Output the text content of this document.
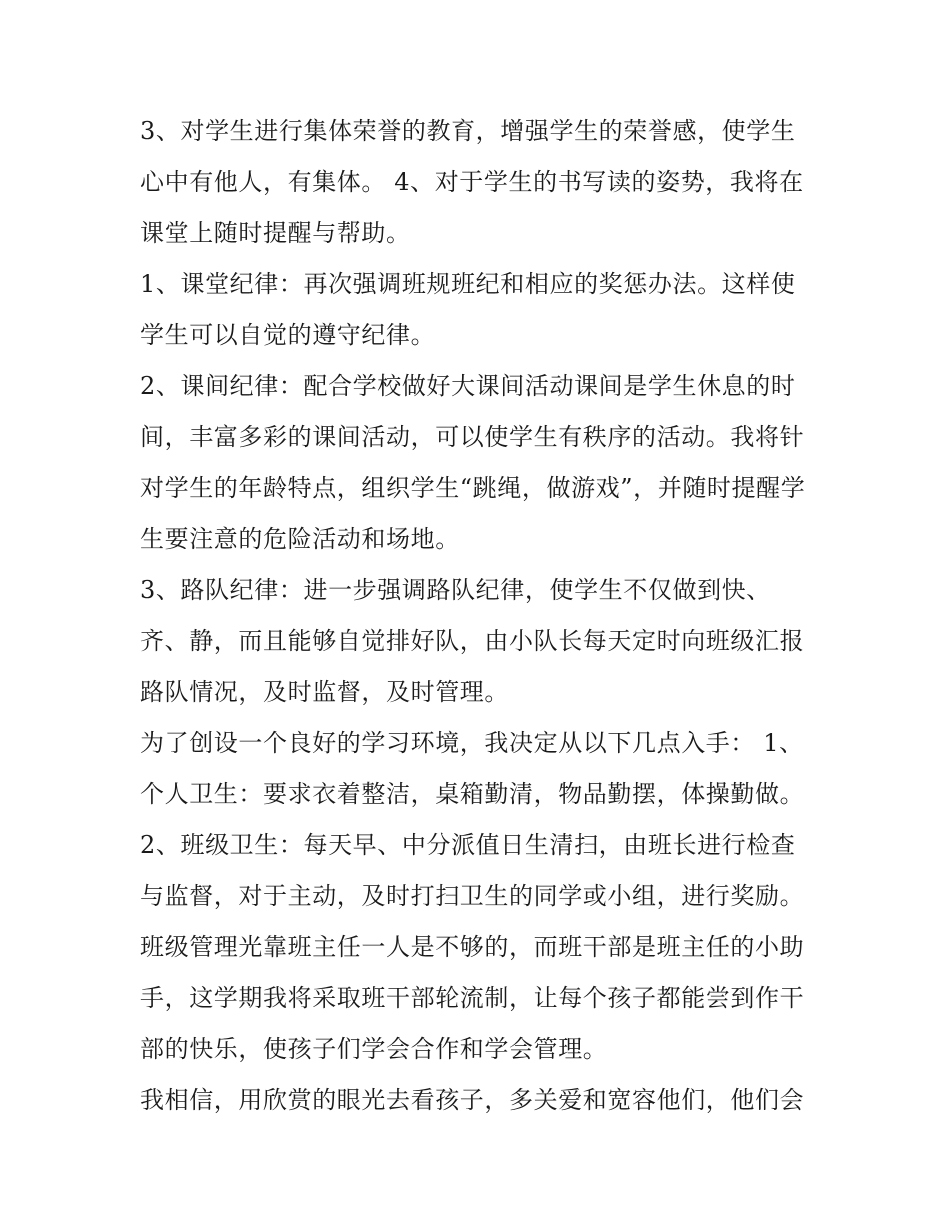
3、对学生进行集体荣誉的教育，增强学生的荣誉感，使学生
心中有他人，有集体。 4、对于学生的书写读的姿势，我将在
课堂上随时提醒与帮助。
1、课堂纪律：再次强调班规班纪和相应的奖惩办法。这样使
学生可以自觉的遵守纪律。
2、课间纪律：配合学校做好大课间活动课间是学生休息的时
间，丰富多彩的课间活动，可以使学生有秩序的活动。我将针
对学生的年龄特点，组织学生“跳绳，做游戏”，并随时提醒学
生要注意的危险活动和场地。
3、路队纪律：进一步强调路队纪律，使学生不仅做到快、
齐、静，而且能够自觉排好队，由小队长每天定时向班级汇报
路队情况，及时监督，及时管理。
为了创设一个良好的学习环境，我决定从以下几点入手： 1、
个人卫生：要求衣着整洁，桌箱勤清，物品勤摆，体操勤做。
2、班级卫生：每天早、中分派值日生清扫，由班长进行检查
与监督，对于主动，及时打扫卫生的同学或小组，进行奖励。
班级管理光靠班主任一人是不够的，而班干部是班主任的小助
手，这学期我将采取班干部轮流制，让每个孩子都能尝到作干
部的快乐，使孩子们学会合作和学会管理。
我相信，用欣赏的眼光去看孩子，多关爱和宽容他们，他们会
